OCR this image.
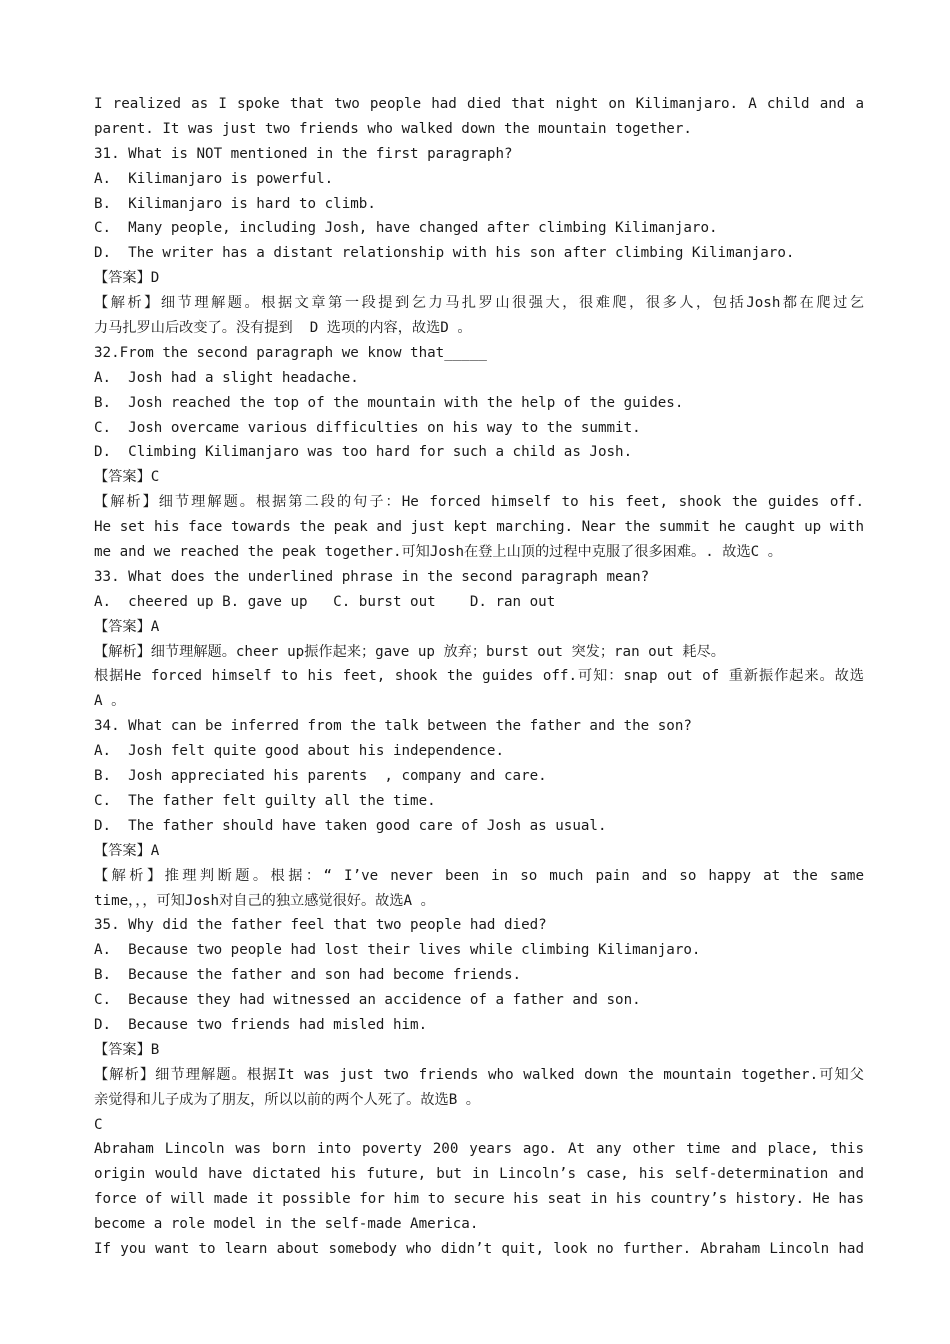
I realized as I spoke that two people had died that night on Kilimanjaro. A child and a
parent. It was just two friends who walked down the mountain together.
31. What is NOT mentioned in the first paragraph?
A.  Kilimanjaro is powerful.
B.  Kilimanjaro is hard to climb.
C.  Many people, including Josh, have changed after climbing Kilimanjaro.
D.  The writer has a distant relationship with his son after climbing Kilimanjaro.
【答案】D
【解析】细节理解题。根据文章第一段提到乞力马扎罗山很强大，很难爬，很多人，包括Josh都在爬过乞
力马扎罗山后改变了。没有提到  D 选项的内容，故选D 。
32.From the second paragraph we know that_____
A.  Josh had a slight headache.
B.  Josh reached the top of the mountain with the help of the guides.
C.  Josh overcame various difficulties on his way to the summit.
D.  Climbing Kilimanjaro was too hard for such a child as Josh.
【答案】C
【解析】细节理解题。根据第二段的句子：He forced himself to his feet, shook the guides off.
He set his face towards the peak and just kept marching. Near the summit he caught up with
me and we reached the peak together.可知Josh在登上山顶的过程中克服了很多困难。. 故选C 。
33. What does the underlined phrase in the second paragraph mean?
A.  cheered up B. gave up   C. burst out    D. ran out
【答案】A
【解析】细节理解题。cheer up振作起来；gave up 放弃；burst out 突发；ran out 耗尽。
根据He forced himself to his feet, shook the guides off.可知：snap out of 重新振作起来。故选
A 。
34. What can be inferred from the talk between the father and the son?
A.  Josh felt quite good about his independence.
B.  Josh appreciated his parents  , company and care.
C.  The father felt guilty all the time.
D.  The father should have taken good care of Josh as usual.
【答案】A
【解析】推理判断题。根据：“ I’ve never been in so much pain and so happy at the same
time，，，可知Josh对自己的独立感觉很好。故选A 。
35. Why did the father feel that two people had died?
A.  Because two people had lost their lives while climbing Kilimanjaro.
B.  Because the father and son had become friends.
C.  Because they had witnessed an accidence of a father and son.
D.  Because two friends had misled him.
【答案】B
【解析】细节理解题。根据It was just two friends who walked down the mountain together.可知父
亲觉得和儿子成为了朋友，所以以前的两个人死了。故选B 。
C
Abraham Lincoln was born into poverty 200 years ago. At any other time and place, this
origin would have dictated his future, but in Lincoln’s case, his self-determination and
force of will made it possible for him to secure his seat in his country’s history. He has
become a role model in the self-made America.
If you want to learn about somebody who didn’t quit, look no further. Abraham Lincoln had
